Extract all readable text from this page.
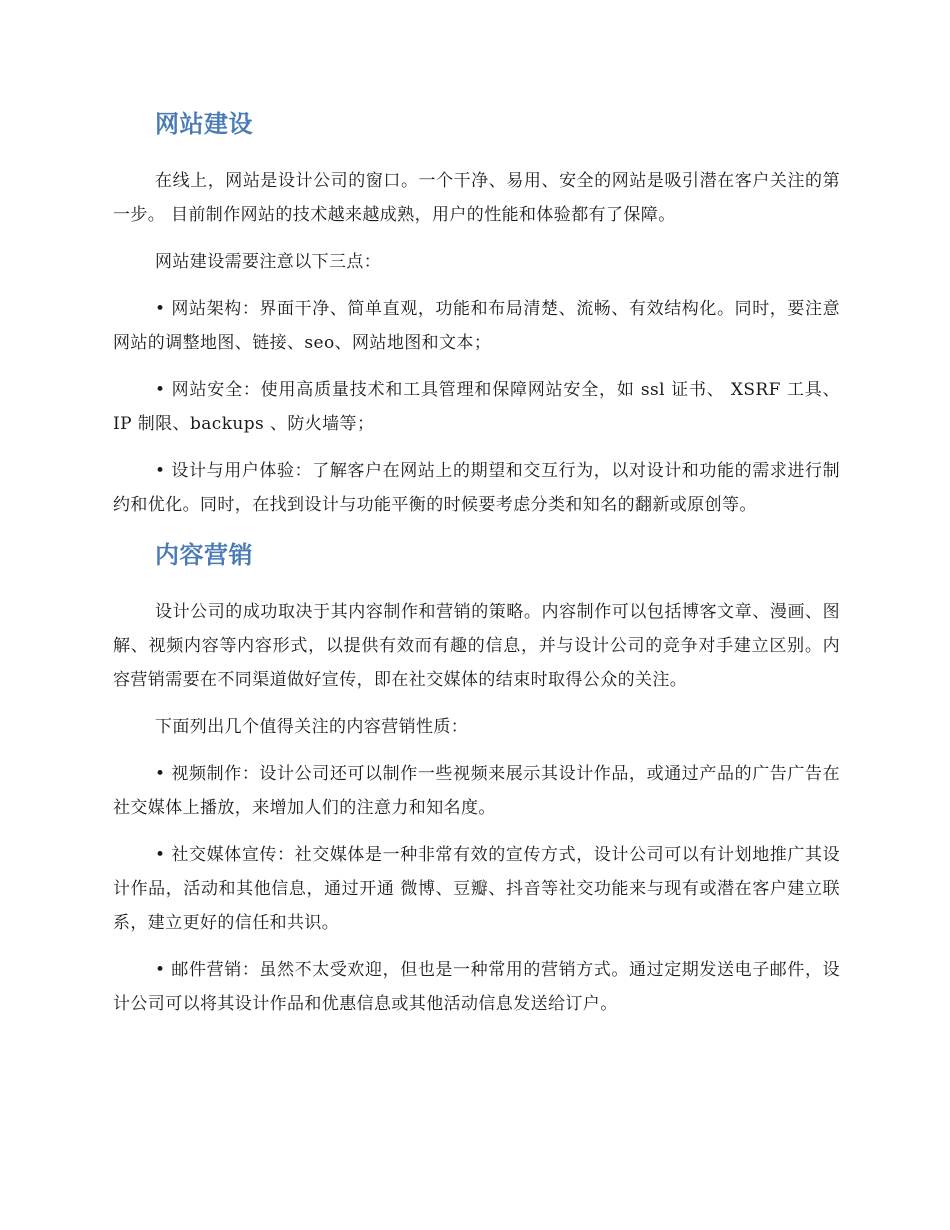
网站建设

在线上，网站是设计公司的窗口。一个干净、易用、安全的网站是吸引潜在客户关注的第一步。 目前制作网站的技术越来越成熟，用户的性能和体验都有了保障。

网站建设需要注意以下三点：

• 网站架构：界面干净、简单直观，功能和布局清楚、流畅、有效结构化。同时，要注意网站的调整地图、链接、seo、网站地图和文本；

• 网站安全：使用高质量技术和工具管理和保障网站安全，如 ssl 证书、 XSRF 工具、IP 制限、backups 、防火墙等；

• 设计与用户体验：了解客户在网站上的期望和交互行为，以对设计和功能的需求进行制约和优化。同时，在找到设计与功能平衡的时候要考虑分类和知名的翻新或原创等。

内容营销

设计公司的成功取决于其内容制作和营销的策略。内容制作可以包括博客文章、漫画、图解、视频内容等内容形式，以提供有效而有趣的信息，并与设计公司的竞争对手建立区别。内容营销需要在不同渠道做好宣传，即在社交媒体的结束时取得公众的关注。

下面列出几个值得关注的内容营销性质：

• 视频制作：设计公司还可以制作一些视频来展示其设计作品，或通过产品的广告广告在社交媒体上播放，来增加人们的注意力和知名度。

• 社交媒体宣传：社交媒体是一种非常有效的宣传方式，设计公司可以有计划地推广其设计作品，活动和其他信息，通过开通 微博、豆瓣、抖音等社交功能来与现有或潜在客户建立联系，建立更好的信任和共识。

• 邮件营销：虽然不太受欢迎，但也是一种常用的营销方式。通过定期发送电子邮件，设计公司可以将其设计作品和优惠信息或其他活动信息发送给订户。
